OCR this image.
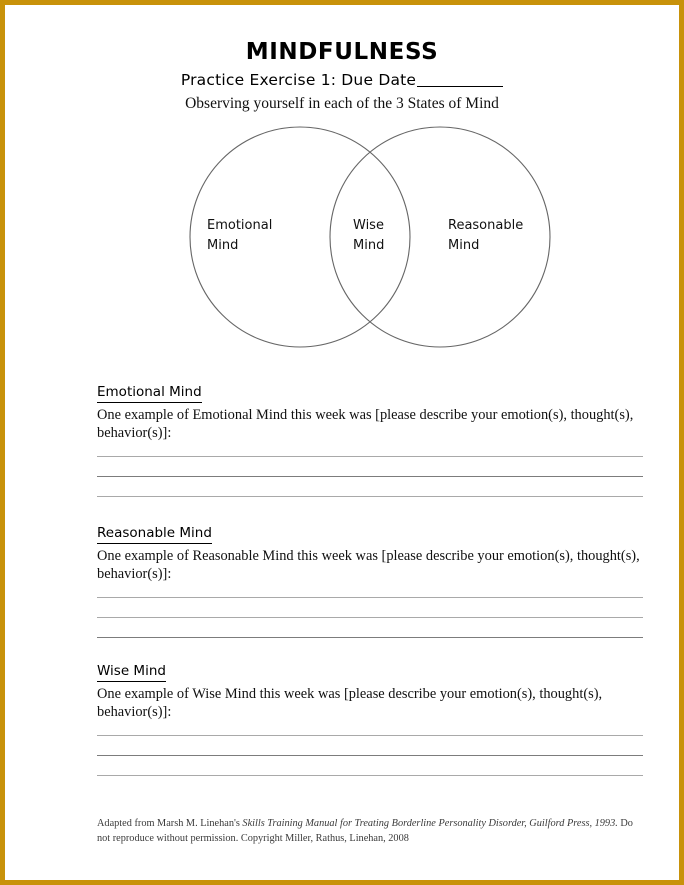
MINDFULNESS
Practice Exercise 1: Due Date
Observing yourself in each of the 3 States of Mind
Emotional
Mind
Wise
Mind
Reasonable
Mind
Emotional Mind

One example of Emotional Mind this week was [please describe your emotion(s), thought(s), behavior(s)]:

Reasonable Mind

One example of Reasonable Mind this week was [please describe your emotion(s), thought(s), behavior(s)]:

Wise Mind

One example of Wise Mind this week was [please describe your emotion(s), thought(s), behavior(s)]:

Adapted from Marsh M. Linehan's Skills Training Manual for Treating Borderline Personality Disorder, Guilford Press, 1993. Do not reproduce without permission. Copyright Miller, Rathus, Linehan, 2008
